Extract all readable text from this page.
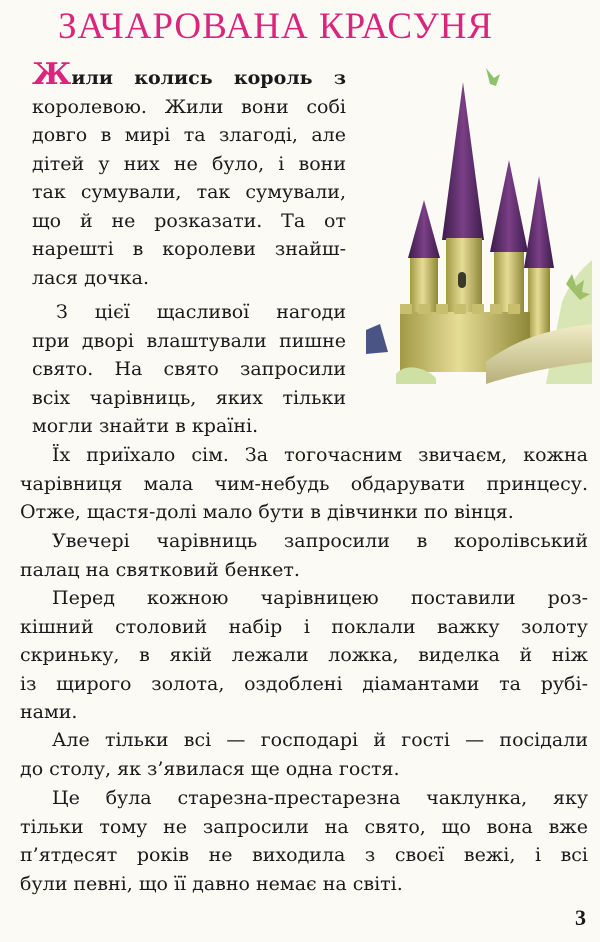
ЗАЧАРОВАНА КРАСУНЯ

Жили колись король з
королевою. Жили вони собі
довго в мирі та злагоді, але
дітей у них не було, і вони
так сумували, так сумували,
що й не розказати. Та от
нарешті в королеви знайш-
лася дочка.

З цієї щасливої нагоди
при дворі влаштували пишне
свято. На свято запросили
всіх чарівниць, яких тільки
могли знайти в країні.

Їх приїхало сім. За тогочасним звичаєм, кожна
чарівниця мала чим-небудь обдарувати принцесу.
Отже, щастя-долі мало бути в дівчинки по вінця.

Увечері чарівниць запросили в королівський
палац на святковий бенкет.

Перед кожною чарівницею поставили роз-
кішний столовий набір і поклали важку золоту
скриньку, в якій лежали ложка, виделка й ніж
із щирого золота, оздоблені діамантами та рубі-
нами.

Але тільки всі — господарі й гості — посідали
до столу, як з’явилася ще одна гостя.

Це була старезна-престарезна чаклунка, яку
тільки тому не запросили на свято, що вона вже
п’ятдесят років не виходила з своєї вежі, і всі
були певні, що її давно немає на світі.

3
